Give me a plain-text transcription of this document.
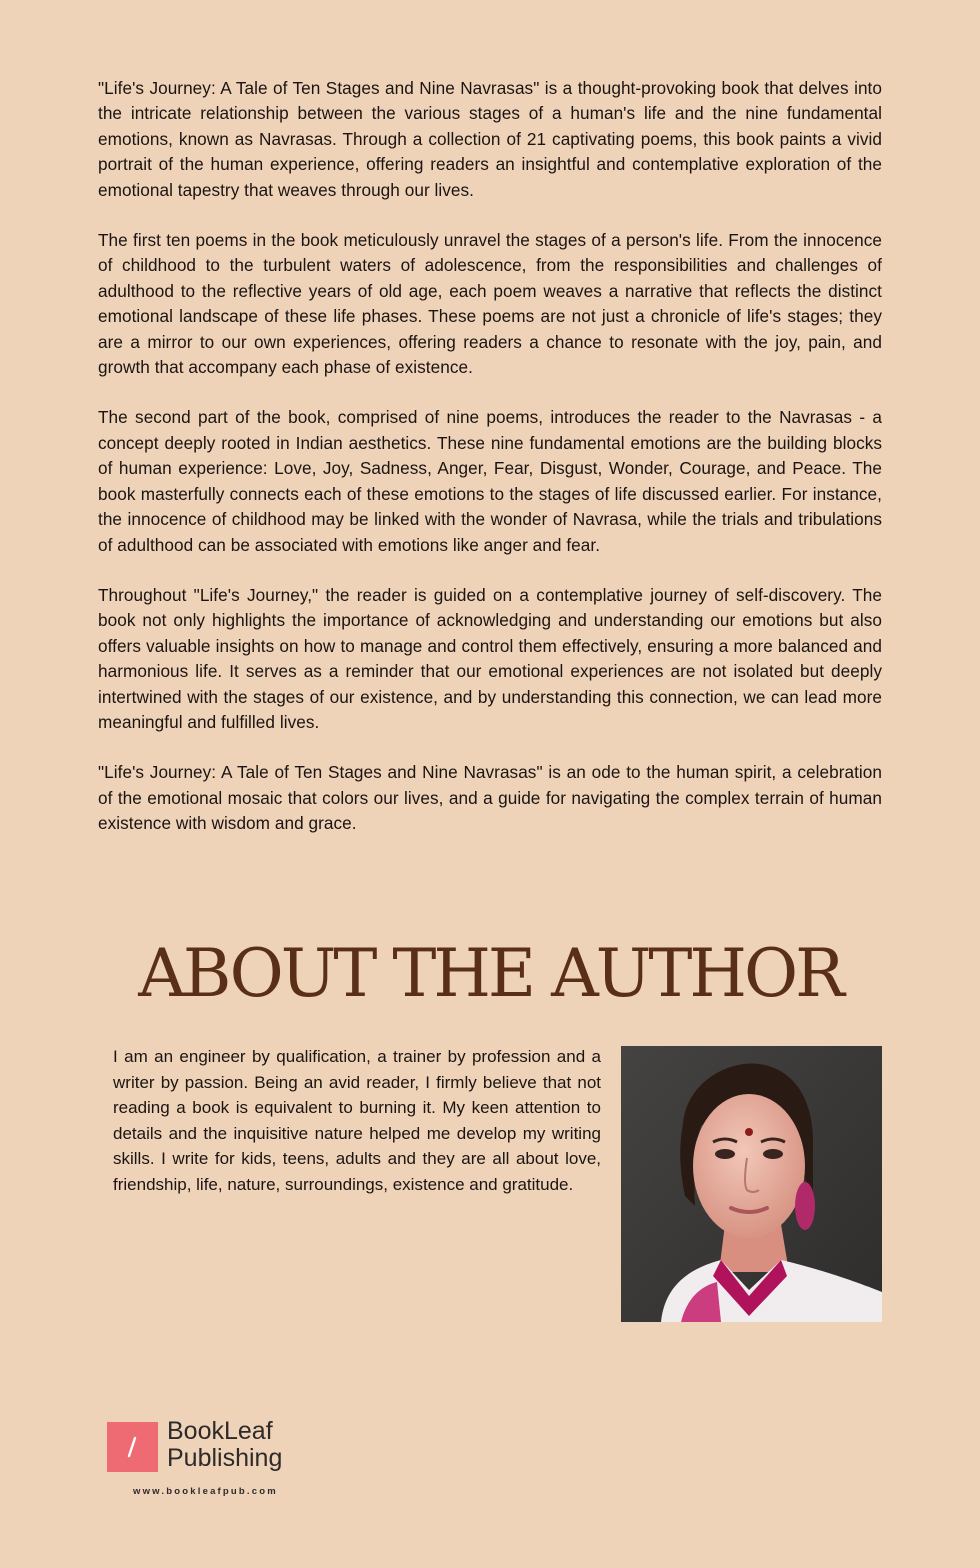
"Life's Journey: A Tale of Ten Stages and Nine Navrasas" is a thought-provoking book that delves into the intricate relationship between the various stages of a human's life and the nine fundamental emotions, known as Navrasas. Through a collection of 21 captivating poems, this book paints a vivid portrait of the human experience, offering readers an insightful and contemplative exploration of the emotional tapestry that weaves through our lives.

The first ten poems in the book meticulously unravel the stages of a person's life. From the innocence of childhood to the turbulent waters of adolescence, from the responsibilities and challenges of adulthood to the reflective years of old age, each poem weaves a narrative that reflects the distinct emotional landscape of these life phases. These poems are not just a chronicle of life's stages; they are a mirror to our own experiences, offering readers a chance to resonate with the joy, pain, and growth that accompany each phase of existence.

The second part of the book, comprised of nine poems, introduces the reader to the Navrasas - a concept deeply rooted in Indian aesthetics. These nine fundamental emotions are the building blocks of human experience: Love, Joy, Sadness, Anger, Fear, Disgust, Wonder, Courage, and Peace. The book masterfully connects each of these emotions to the stages of life discussed earlier. For instance, the innocence of childhood may be linked with the wonder of Navrasa, while the trials and tribulations of adulthood can be associated with emotions like anger and fear.

Throughout "Life's Journey," the reader is guided on a contemplative journey of self-discovery. The book not only highlights the importance of acknowledging and understanding our emotions but also offers valuable insights on how to manage and control them effectively, ensuring a more balanced and harmonious life. It serves as a reminder that our emotional experiences are not isolated but deeply intertwined with the stages of our existence, and by understanding this connection, we can lead more meaningful and fulfilled lives.

"Life's Journey: A Tale of Ten Stages and Nine Navrasas" is an ode to the human spirit, a celebration of the emotional mosaic that colors our lives, and a guide for navigating the complex terrain of human existence with wisdom and grace.

ABOUT THE AUTHOR

I am an engineer by qualification, a trainer by profession and a writer by passion. Being an avid reader, I firmly believe that not reading a book is equivalent to burning it. My keen attention to details and the inquisitive nature helped me develop my writing skills. I write for kids, teens, adults and they are all about love, friendship, life, nature, surroundings, existence and gratitude.

BookLeaf
Publishing
www.bookleafpub.com
